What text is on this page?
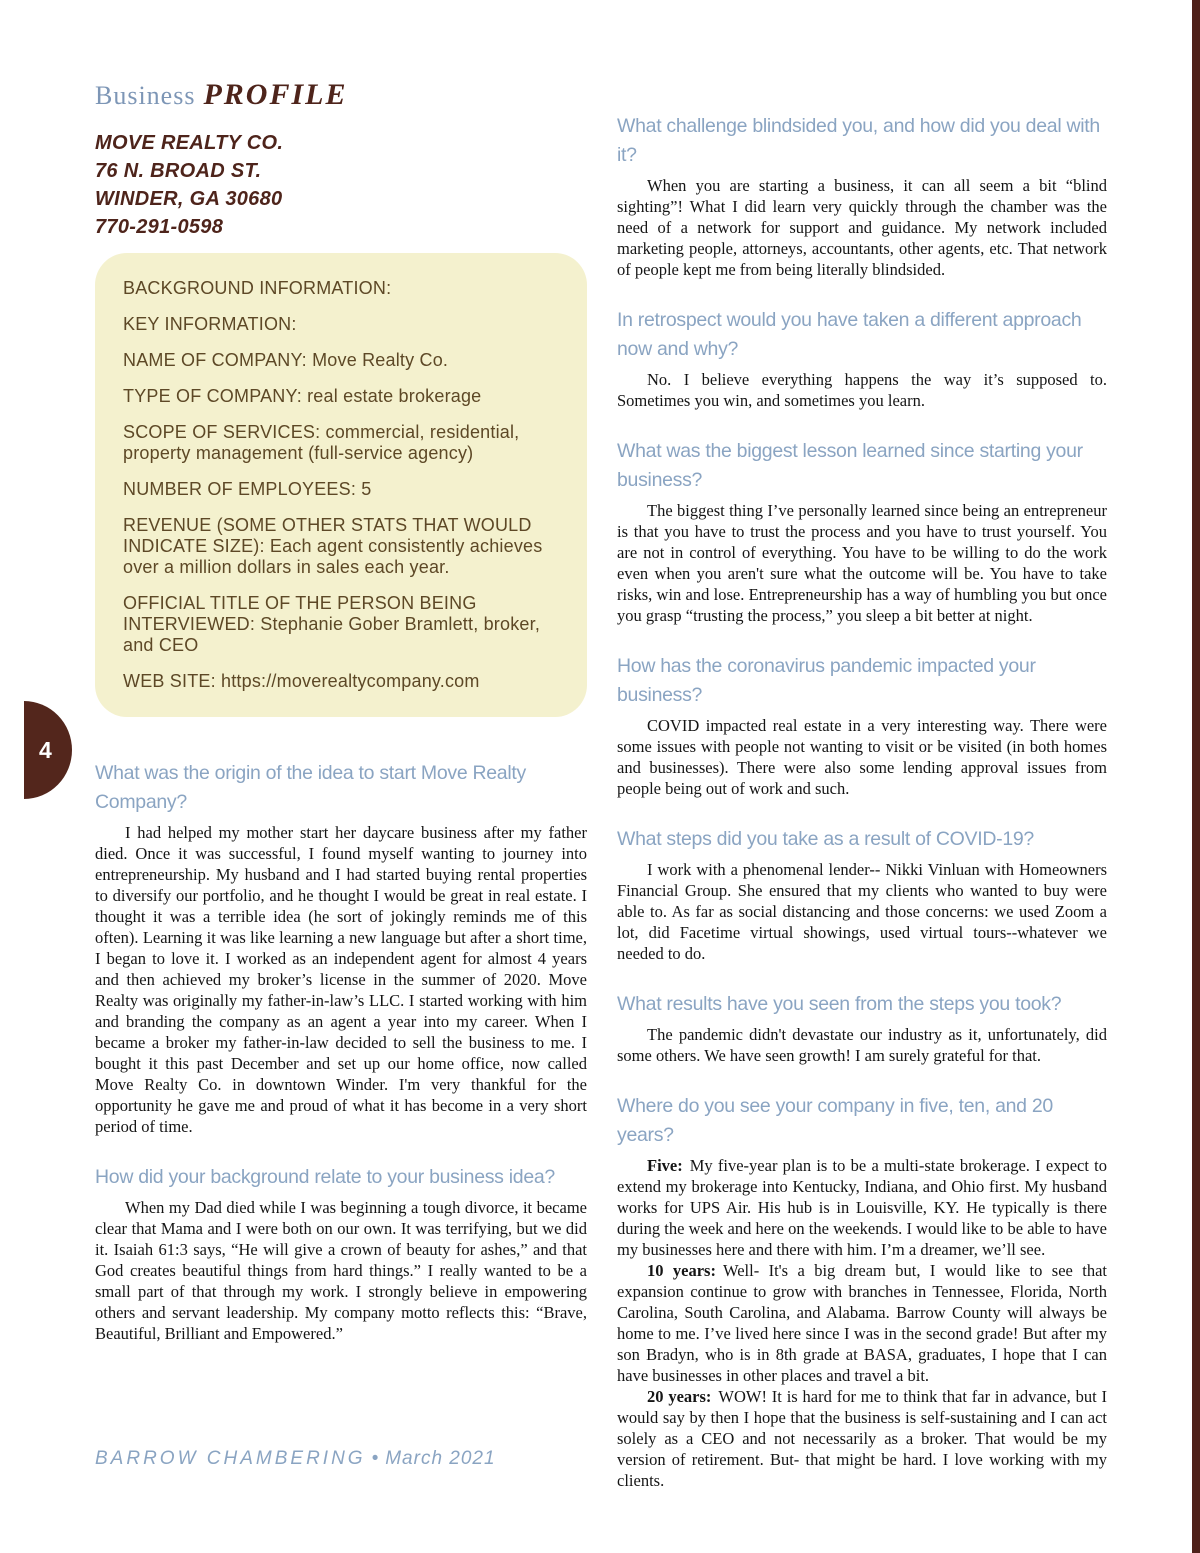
4
Business PROFILE
MOVE REALTY CO.
76 N. BROAD ST.
WINDER, GA 30680
770-291-0598

BACKGROUND INFORMATION:

KEY INFORMATION:

NAME OF COMPANY: Move Realty Co.

TYPE OF COMPANY: real estate brokerage

SCOPE OF SERVICES: commercial, residential, property management (full-service agency)

NUMBER OF EMPLOYEES: 5

REVENUE (SOME OTHER STATS THAT WOULD INDICATE SIZE): Each agent consistently achieves over a million dollars in sales each year.

OFFICIAL TITLE OF THE PERSON BEING INTERVIEWED: Stephanie Gober Bramlett, broker, and CEO

WEB SITE: https://moverealtycompany.com

What was the origin of the idea to start Move Realty Company?

I had helped my mother start her daycare business after my father died. Once it was successful, I found myself wanting to journey into entrepreneurship. My husband and I had started buying rental properties to diversify our portfolio, and he thought I would be great in real estate. I thought it was a terrible idea (he sort of jokingly reminds me of this often). Learning it was like learning a new language but after a short time, I began to love it. I worked as an independent agent for almost 4 years and then achieved my broker’s license in the summer of 2020. Move Realty was originally my father-in-law’s LLC. I started working with him and branding the company as an agent a year into my career. When I became a broker my father-in-law decided to sell the business to me. I bought it this past December and set up our home office, now called Move Realty Co. in downtown Winder. I'm very thankful for the opportunity he gave me and proud of what it has become in a very short period of time.

How did your background relate to your business idea?

When my Dad died while I was beginning a tough divorce, it became clear that Mama and I were both on our own. It was terrifying, but we did it. Isaiah 61:3 says, “He will give a crown of beauty for ashes,” and that God creates beautiful things from hard things.” I really wanted to be a small part of that through my work. I strongly believe in empowering others and servant leadership. My company motto reflects this: “Brave, Beautiful, Brilliant and Empowered.”

What challenge blindsided you, and how did you deal with it?

When you are starting a business, it can all seem a bit “blind sighting”! What I did learn very quickly through the chamber was the need of a network for support and guidance. My network included marketing people, attorneys, accountants, other agents, etc. That network of people kept me from being literally blindsided.

In retrospect would you have taken a different approach now and why?

No. I believe everything happens the way it’s supposed to. Sometimes you win, and sometimes you learn.

What was the biggest lesson learned since starting your business?

The biggest thing I’ve personally learned since being an entrepreneur is that you have to trust the process and you have to trust yourself. You are not in control of everything. You have to be willing to do the work even when you aren't sure what the outcome will be. You have to take risks, win and lose. Entrepreneurship has a way of humbling you but once you grasp “trusting the process,” you sleep a bit better at night.

How has the coronavirus pandemic impacted your business?

COVID impacted real estate in a very interesting way. There were some issues with people not wanting to visit or be visited (in both homes and businesses). There were also some lending approval issues from people being out of work and such.

What steps did you take as a result of COVID-19?

I work with a phenomenal lender-- Nikki Vinluan with Homeowners Financial Group. She ensured that my clients who wanted to buy were able to. As far as social distancing and those concerns: we used Zoom a lot, did Facetime virtual showings, used virtual tours--whatever we needed to do.

What results have you seen from the steps you took?

The pandemic didn't devastate our industry as it, unfortunately, did some others. We have seen growth! I am surely grateful for that.

Where do you see your company in five, ten, and 20 years?

Five: My five-year plan is to be a multi-state brokerage. I expect to extend my brokerage into Kentucky, Indiana, and Ohio first. My husband works for UPS Air. His hub is in Louisville, KY. He typically is there during the week and here on the weekends. I would like to be able to have my businesses here and there with him. I’m a dreamer, we’ll see.

10 years: Well- It's a big dream but, I would like to see that expansion continue to grow with branches in Tennessee, Florida, North Carolina, South Carolina, and Alabama. Barrow County will always be home to me. I’ve lived here since I was in the second grade! But after my son Bradyn, who is in 8th grade at BASA, graduates, I hope that I can have businesses in other places and travel a bit.

20 years: WOW! It is hard for me to think that far in advance, but I would say by then I hope that the business is self-sustaining and I can act solely as a CEO and not necessarily as a broker. That would be my version of retirement. But- that might be hard. I love working with my clients.

BARROW CHAMBERING • March 2021
